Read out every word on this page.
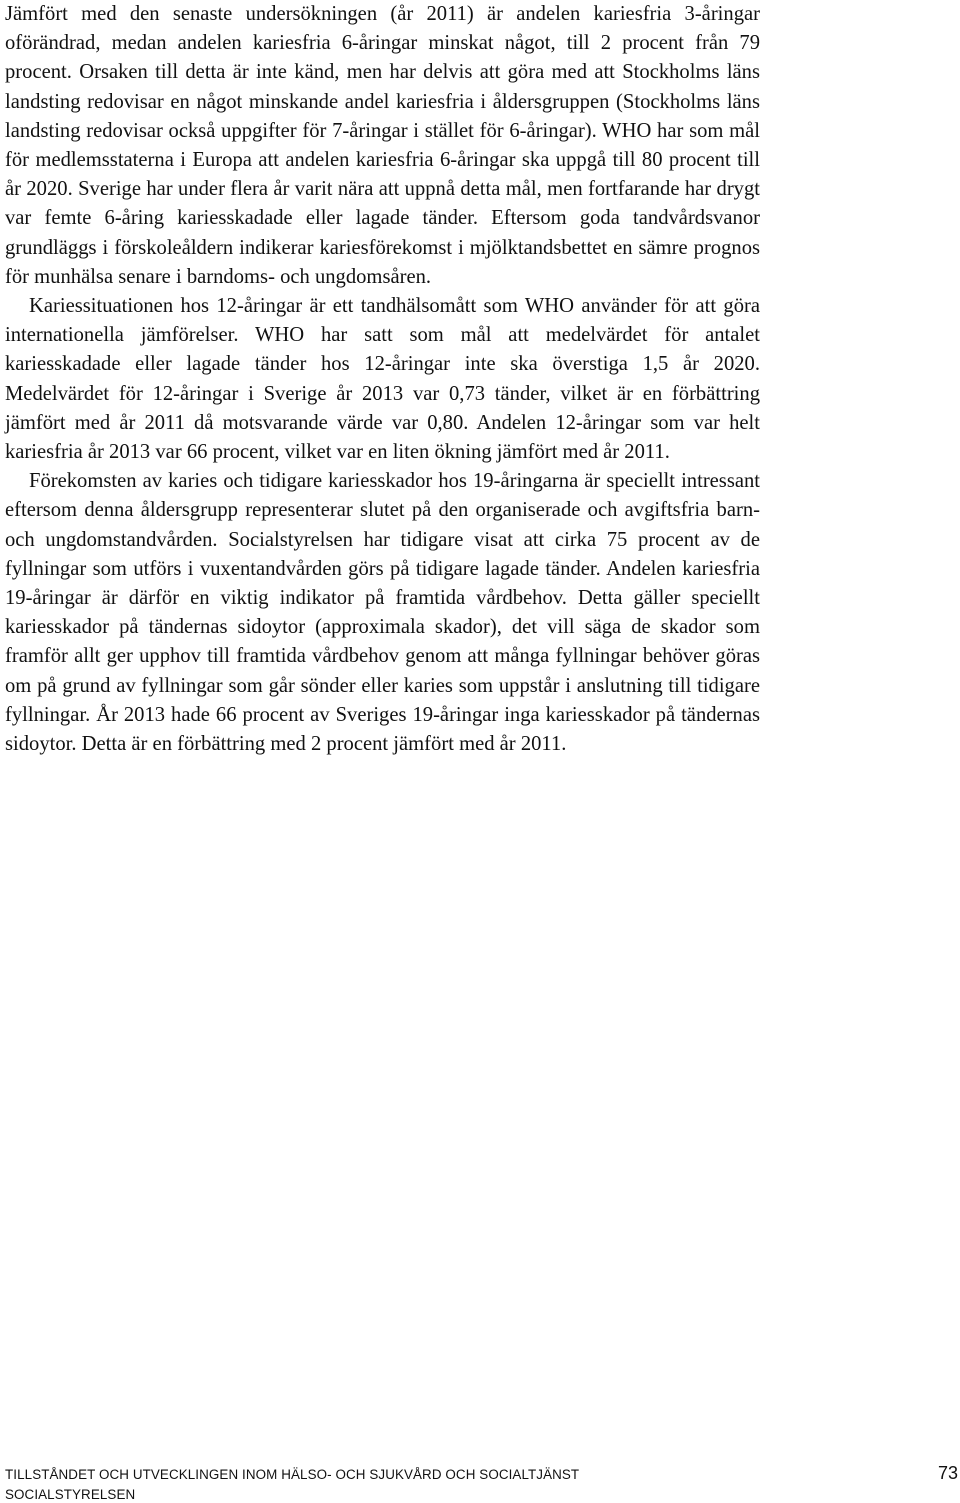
Jämfört med den senaste undersökningen (år 2011) är andelen kariesfria 3-åringar oförändrad, medan andelen kariesfria 6-åringar minskat något, till 2 procent från 79 procent. Orsaken till detta är inte känd, men har delvis att göra med att Stockholms läns landsting redovisar en något minskande andel kariesfria i åldersgruppen (Stockholms läns landsting redovisar också uppgifter för 7-åringar i stället för 6-åringar). WHO har som mål för medlemsstaterna i Europa att andelen kariesfria 6-åringar ska uppgå till 80 procent till år 2020. Sverige har under flera år varit nära att uppnå detta mål, men fortfarande har drygt var femte 6-åring kariesskadade eller lagade tänder. Eftersom goda tandvårdsvanor grundläggs i förskoleåldern indikerar kariesförekomst i mjölktandsbettet en sämre prognos för munhälsa senare i barndoms- och ungdomsåren.

Kariessituationen hos 12-åringar är ett tandhälsomått som WHO använder för att göra internationella jämförelser. WHO har satt som mål att medelvärdet för antalet kariesskadade eller lagade tänder hos 12-åringar inte ska överstiga 1,5 år 2020. Medelvärdet för 12-åringar i Sverige år 2013 var 0,73 tänder, vilket är en förbättring jämfört med år 2011 då motsvarande värde var 0,80. Andelen 12-åringar som var helt kariesfria år 2013 var 66 procent, vilket var en liten ökning jämfört med år 2011.

Förekomsten av karies och tidigare kariesskador hos 19-åringarna är speciellt intressant eftersom denna åldersgrupp representerar slutet på den organiserade och avgiftsfria barn- och ungdomstandvården. Socialstyrelsen har tidigare visat att cirka 75 procent av de fyllningar som utförs i vuxentandvården görs på tidigare lagade tänder. Andelen kariesfria 19-åringar är därför en viktig indikator på framtida vårdbehov. Detta gäller speciellt kariesskador på tändernas sidoytor (approximala skador), det vill säga de skador som framför allt ger upphov till framtida vårdbehov genom att många fyllningar behöver göras om på grund av fyllningar som går sönder eller karies som uppstår i anslutning till tidigare fyllningar. År 2013 hade 66 procent av Sveriges 19-åringar inga kariesskador på tändernas sidoytor. Detta är en förbättring med 2 procent jämfört med år 2011.

TILLSTÅNDET OCH UTVECKLINGEN INOM HÄLSO- OCH SJUKVÅRD OCH SOCIALTJÄNST
SOCIALSTYRELSEN
73
